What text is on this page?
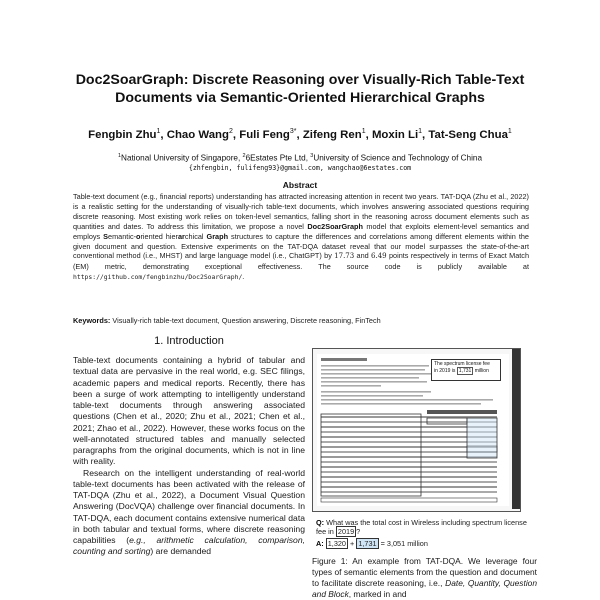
Doc2SoarGraph: Discrete Reasoning over Visually-Rich Table-Text
Documents via Semantic-Oriented Hierarchical Graphs
Fengbin Zhu$^1$, Chao Wang$^2$, Fuli Feng$^{3*}$, Zifeng Ren$^1$, Moxin Li$^1$, Tat-Seng Chua$^1$
$^1$National University of Singapore, $^2$6Estates Pte Ltd, $^3$University of Science and Technology of China
{zhfengbin, fulifeng93}@gmail.com, wangchao@6estates.com
Abstract
Table-text document (e.g., financial reports) understanding has attracted increasing attention in recent two years. TAT-DQA (Zhu et al., 2022) is a realistic setting for the understanding of visually-rich table-text documents, which involves answering associated questions requiring discrete reasoning. Most existing work relies on token-level semantics, falling short in the reasoning across document elements such as quantities and dates. To address this limitation, we propose a novel Doc2SoarGraph model that exploits element-level semantics and employs Semantic-oriented hierarchical Graph structures to capture the differences and correlations among different elements within the given document and question. Extensive experiments on the TAT-DQA dataset reveal that our model surpasses the state-of-the-art conventional method (i.e., MHST) and large language model (i.e., ChatGPT) by 17.73 and 6.49 points respectively in terms of Exact Match (EM) metric, demonstrating exceptional effectiveness. The source code is publicly available at https://github.com/fengbinzhu/Doc2SoarGraph/.
Keywords: Visually-rich table-text document, Question answering, Discrete reasoning, FinTech
1. Introduction

Table-text documents containing a hybrid of tabular and textual data are pervasive in the real world, e.g. SEC filings, academic papers and medical reports. Recently, there has been a surge of work attempting to intelligently understand table-text documents through answering associated questions (Chen et al., 2020; Zhu et al., 2021; Chen et al., 2021; Zhao et al., 2022). However, these works focus on the well-annotated structured tables and manually selected paragraphs from the original documents, which is not in line with reality.

Research on the intelligent understanding of real-world table-text documents has been activated with the release of TAT-DQA (Zhu et al., 2022), a Document Visual Question Answering (DocVQA) challenge over financial documents. In TAT-DQA, each document contains extensive numerical data in both tabular and textual forms, where discrete reasoning capabilities (e.g., arithmetic calculation, comparison, counting and sorting) are demanded

The spectrum license fee
in 2019 is 1,731 million
Q: What was the total cost in Wireless including spectrum license fee in 2019 ?
A: 1,320 + 1,731 = 3,051 million
Figure 1: An example from TAT-DQA. We leverage four types of semantic elements from the question and document to facilitate discrete reasoning, i.e., Date, Quantity, Question and Block, marked in and
